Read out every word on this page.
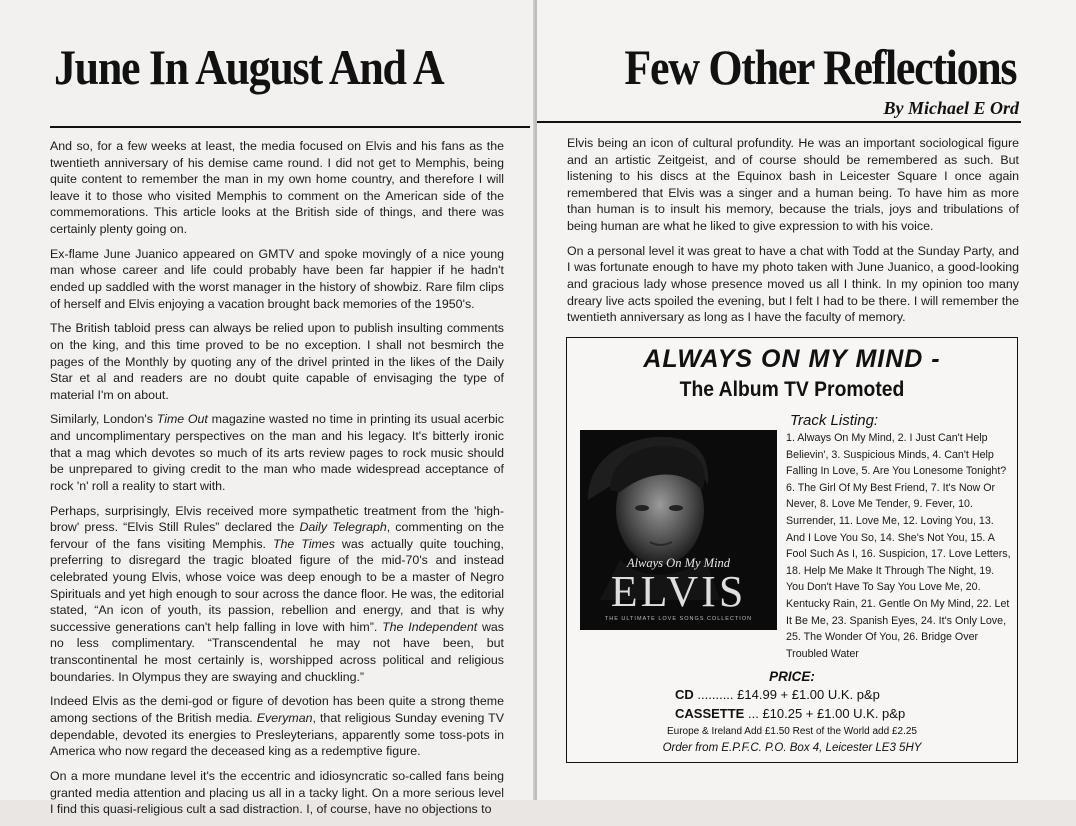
June In August And A

And so, for a few weeks at least, the media focused on Elvis and his fans as the twentieth anniversary of his demise came round. I did not get to Memphis, being quite content to remember the man in my own home country, and therefore I will leave it to those who visited Memphis to comment on the American side of the commemorations. This article looks at the British side of things, and there was certainly plenty going on.

Ex-flame June Juanico appeared on GMTV and spoke movingly of a nice young man whose career and life could probably have been far happier if he hadn't ended up saddled with the worst manager in the history of showbiz. Rare film clips of herself and Elvis enjoying a vacation brought back memories of the 1950's.

The British tabloid press can always be relied upon to publish insulting comments on the king, and this time proved to be no exception. I shall not besmirch the pages of the Monthly by quoting any of the drivel printed in the likes of the Daily Star et al and readers are no doubt quite capable of envisaging the type of material I'm on about.

Similarly, London's Time Out magazine wasted no time in printing its usual acerbic and uncomplimentary perspectives on the man and his legacy. It's bitterly ironic that a mag which devotes so much of its arts review pages to rock music should be unprepared to giving credit to the man who made widespread acceptance of rock 'n' roll a reality to start with.

Perhaps, surprisingly, Elvis received more sympathetic treatment from the 'high-brow' press. “Elvis Still Rules” declared the Daily Telegraph, commenting on the fervour of the fans visiting Memphis. The Times was actually quite touching, preferring to disregard the tragic bloated figure of the mid-70's and instead celebrated young Elvis, whose voice was deep enough to be a master of Negro Spirituals and yet high enough to sour across the dance floor. He was, the editorial stated, “An icon of youth, its passion, rebellion and energy, and that is why successive generations can't help falling in love with him”. The Independent was no less complimentary. “Transcendental he may not have been, but transcontinental he most certainly is, worshipped across political and religious boundaries. In Olympus they are swaying and chuckling.”

Indeed Elvis as the demi-god or figure of devotion has been quite a strong theme among sections of the British media. Everyman, that religious Sunday evening TV dependable, devoted its energies to Presleyterians, apparently some toss-pots in America who now regard the deceased king as a redemptive figure.

On a more mundane level it's the eccentric and idiosyncratic so-called fans being granted media attention and placing us all in a tacky light. On a more serious level I find this quasi-religious cult a sad distraction. I, of course, have no objections to

Few Other Reflections
By Michael E Ord

Elvis being an icon of cultural profundity. He was an important sociological figure and an artistic Zeitgeist, and of course should be remembered as such. But listening to his discs at the Equinox bash in Leicester Square I once again remembered that Elvis was a singer and a human being. To have him as more than human is to insult his memory, because the trials, joys and tribulations of being human are what he liked to give expression to with his voice.

On a personal level it was great to have a chat with Todd at the Sunday Party, and I was fortunate enough to have my photo taken with June Juanico, a good-looking and gracious lady whose presence moved us all I think. In my opinion too many dreary live acts spoiled the evening, but I felt I had to be there. I will remember the twentieth anniversary as long as I have the faculty of memory.

ALWAYS ON MY MIND -
The Album TV Promoted
Always On My Mind
ELVIS
THE ULTIMATE LOVE SONGS COLLECTION
Track Listing:
1. Always On My Mind, 2. I Just Can't Help Believin', 3. Suspicious Minds, 4. Can't Help Falling In Love, 5. Are You Lonesome Tonight? 6. The Girl Of My Best Friend, 7. It's Now Or Never, 8. Love Me Tender, 9. Fever, 10. Surrender, 11. Love Me, 12. Loving You, 13. And I Love You So, 14. She's Not You, 15. A Fool Such As I, 16. Suspicion, 17. Love Letters, 18. Help Me Make It Through The Night, 19. You Don't Have To Say You Love Me, 20. Kentucky Rain, 21. Gentle On My Mind, 22. Let It Be Me, 23. Spanish Eyes, 24. It's Only Love, 25. The Wonder Of You, 26. Bridge Over Troubled Water
PRICE:
CD .......... £14.99 + £1.00 U.K. p&p
CASSETTE ... £10.25 + £1.00 U.K. p&p
Europe & Ireland Add £1.50 Rest of the World add £2.25
Order from E.P.F.C. P.O. Box 4, Leicester LE3 5HY
